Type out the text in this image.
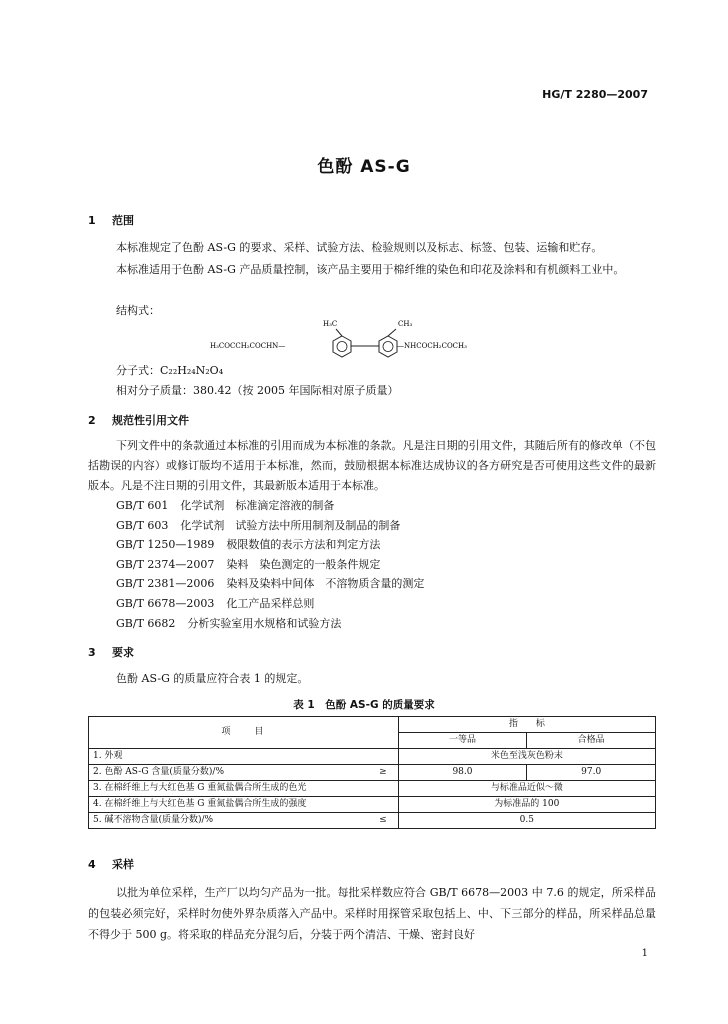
HG/T 2280—2007
色酚 AS-G
1 范围
本标准规定了色酚 AS-G 的要求、采样、试验方法、检验规则以及标志、标签、包装、运输和贮存。
本标准适用于色酚 AS-G 产品质量控制，该产品主要用于棉纤维的染色和印花及涂料和有机颜料工业中。
结构式：
H₃C
H₃COCCH₂COCHN—
CH₃
—NHCOCH₂COCH₃
分子式：C₂₂H₂₄N₂O₄
相对分子质量：380.42（按 2005 年国际相对原子质量）
2 规范性引用文件
下列文件中的条款通过本标准的引用而成为本标准的条款。凡是注日期的引用文件，其随后所有的修改单（不包括勘误的内容）或修订版均不适用于本标准，然而，鼓励根据本标准达成协议的各方研究是否可使用这些文件的最新版本。凡是不注日期的引用文件，其最新版本适用于本标准。
GB/T 601 化学试剂　标准滴定溶液的制备
GB/T 603 化学试剂　试验方法中所用制剂及制品的制备
GB/T 1250—1989 极限数值的表示方法和判定方法
GB/T 2374—2007 染料　染色测定的一般条件规定
GB/T 2381—2006 染料及染料中间体　不溶物质含量的测定
GB/T 6678—2003 化工产品采样总则
GB/T 6682 分析实验室用水规格和试验方法
3 要求
色酚 AS-G 的质量应符合表 1 的规定。
表 1　色酚 AS-G 的质量要求
项　　目		指　　标	
		一等品	合格品
1. 外观		米色至浅灰色粉末	
2. 色酚 AS-G 含量(质量分数)/%	≥	98.0	97.0
3. 在棉纤维上与大红色基 G 重氮盐偶合所生成的色光		与标准品近似～微	
4. 在棉纤维上与大红色基 G 重氮盐偶合所生成的强度		为标准品的 100	
5. 碱不溶物含量(质量分数)/%	≤	0.5	
4 采样
以批为单位采样，生产厂以均匀产品为一批。每批采样数应符合 GB/T 6678—2003 中 7.6 的规定，所采样品的包装必须完好，采样时勿使外界杂质落入产品中。采样时用探管采取包括上、中、下三部分的样品，所采样品总量不得少于 500 g。将采取的样品充分混匀后，分装于两个清洁、干燥、密封良好
1
